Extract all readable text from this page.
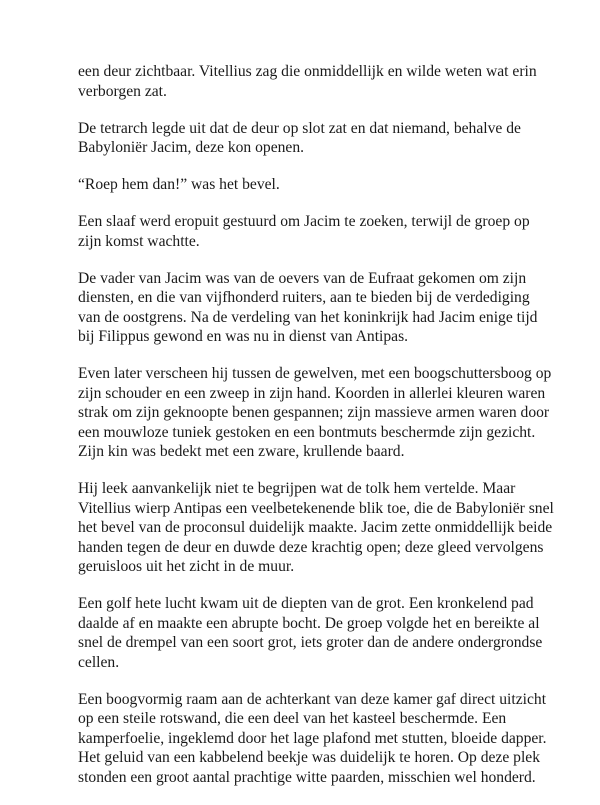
een deur zichtbaar. Vitellius zag die onmiddellijk en wilde weten wat erin
verborgen zat.

De tetrarch legde uit dat de deur op slot zat en dat niemand, behalve de
Babyloniër Jacim, deze kon openen.

“Roep hem dan!” was het bevel.

Een slaaf werd eropuit gestuurd om Jacim te zoeken, terwijl de groep op
zijn komst wachtte.

De vader van Jacim was van de oevers van de Eufraat gekomen om zijn
diensten, en die van vijfhonderd ruiters, aan te bieden bij de verdediging
van de oostgrens. Na de verdeling van het koninkrijk had Jacim enige tijd
bij Filippus gewond en was nu in dienst van Antipas.

Even later verscheen hij tussen de gewelven, met een boogschuttersboog op
zijn schouder en een zweep in zijn hand. Koorden in allerlei kleuren waren
strak om zijn geknoopte benen gespannen; zijn massieve armen waren door
een mouwloze tuniek gestoken en een bontmuts beschermde zijn gezicht.
Zijn kin was bedekt met een zware, krullende baard.

Hij leek aanvankelijk niet te begrijpen wat de tolk hem vertelde. Maar
Vitellius wierp Antipas een veelbetekenende blik toe, die de Babyloniër snel
het bevel van de proconsul duidelijk maakte. Jacim zette onmiddellijk beide
handen tegen de deur en duwde deze krachtig open; deze gleed vervolgens
geruisloos uit het zicht in de muur.

Een golf hete lucht kwam uit de diepten van de grot. Een kronkelend pad
daalde af en maakte een abrupte bocht. De groep volgde het en bereikte al
snel de drempel van een soort grot, iets groter dan de andere ondergrondse
cellen.

Een boogvormig raam aan de achterkant van deze kamer gaf direct uitzicht
op een steile rotswand, die een deel van het kasteel beschermde. Een
kamperfoelie, ingeklemd door het lage plafond met stutten, bloeide dapper.
Het geluid van een kabbelend beekje was duidelijk te horen. Op deze plek
stonden een groot aantal prachtige witte paarden, misschien wel honderd.
